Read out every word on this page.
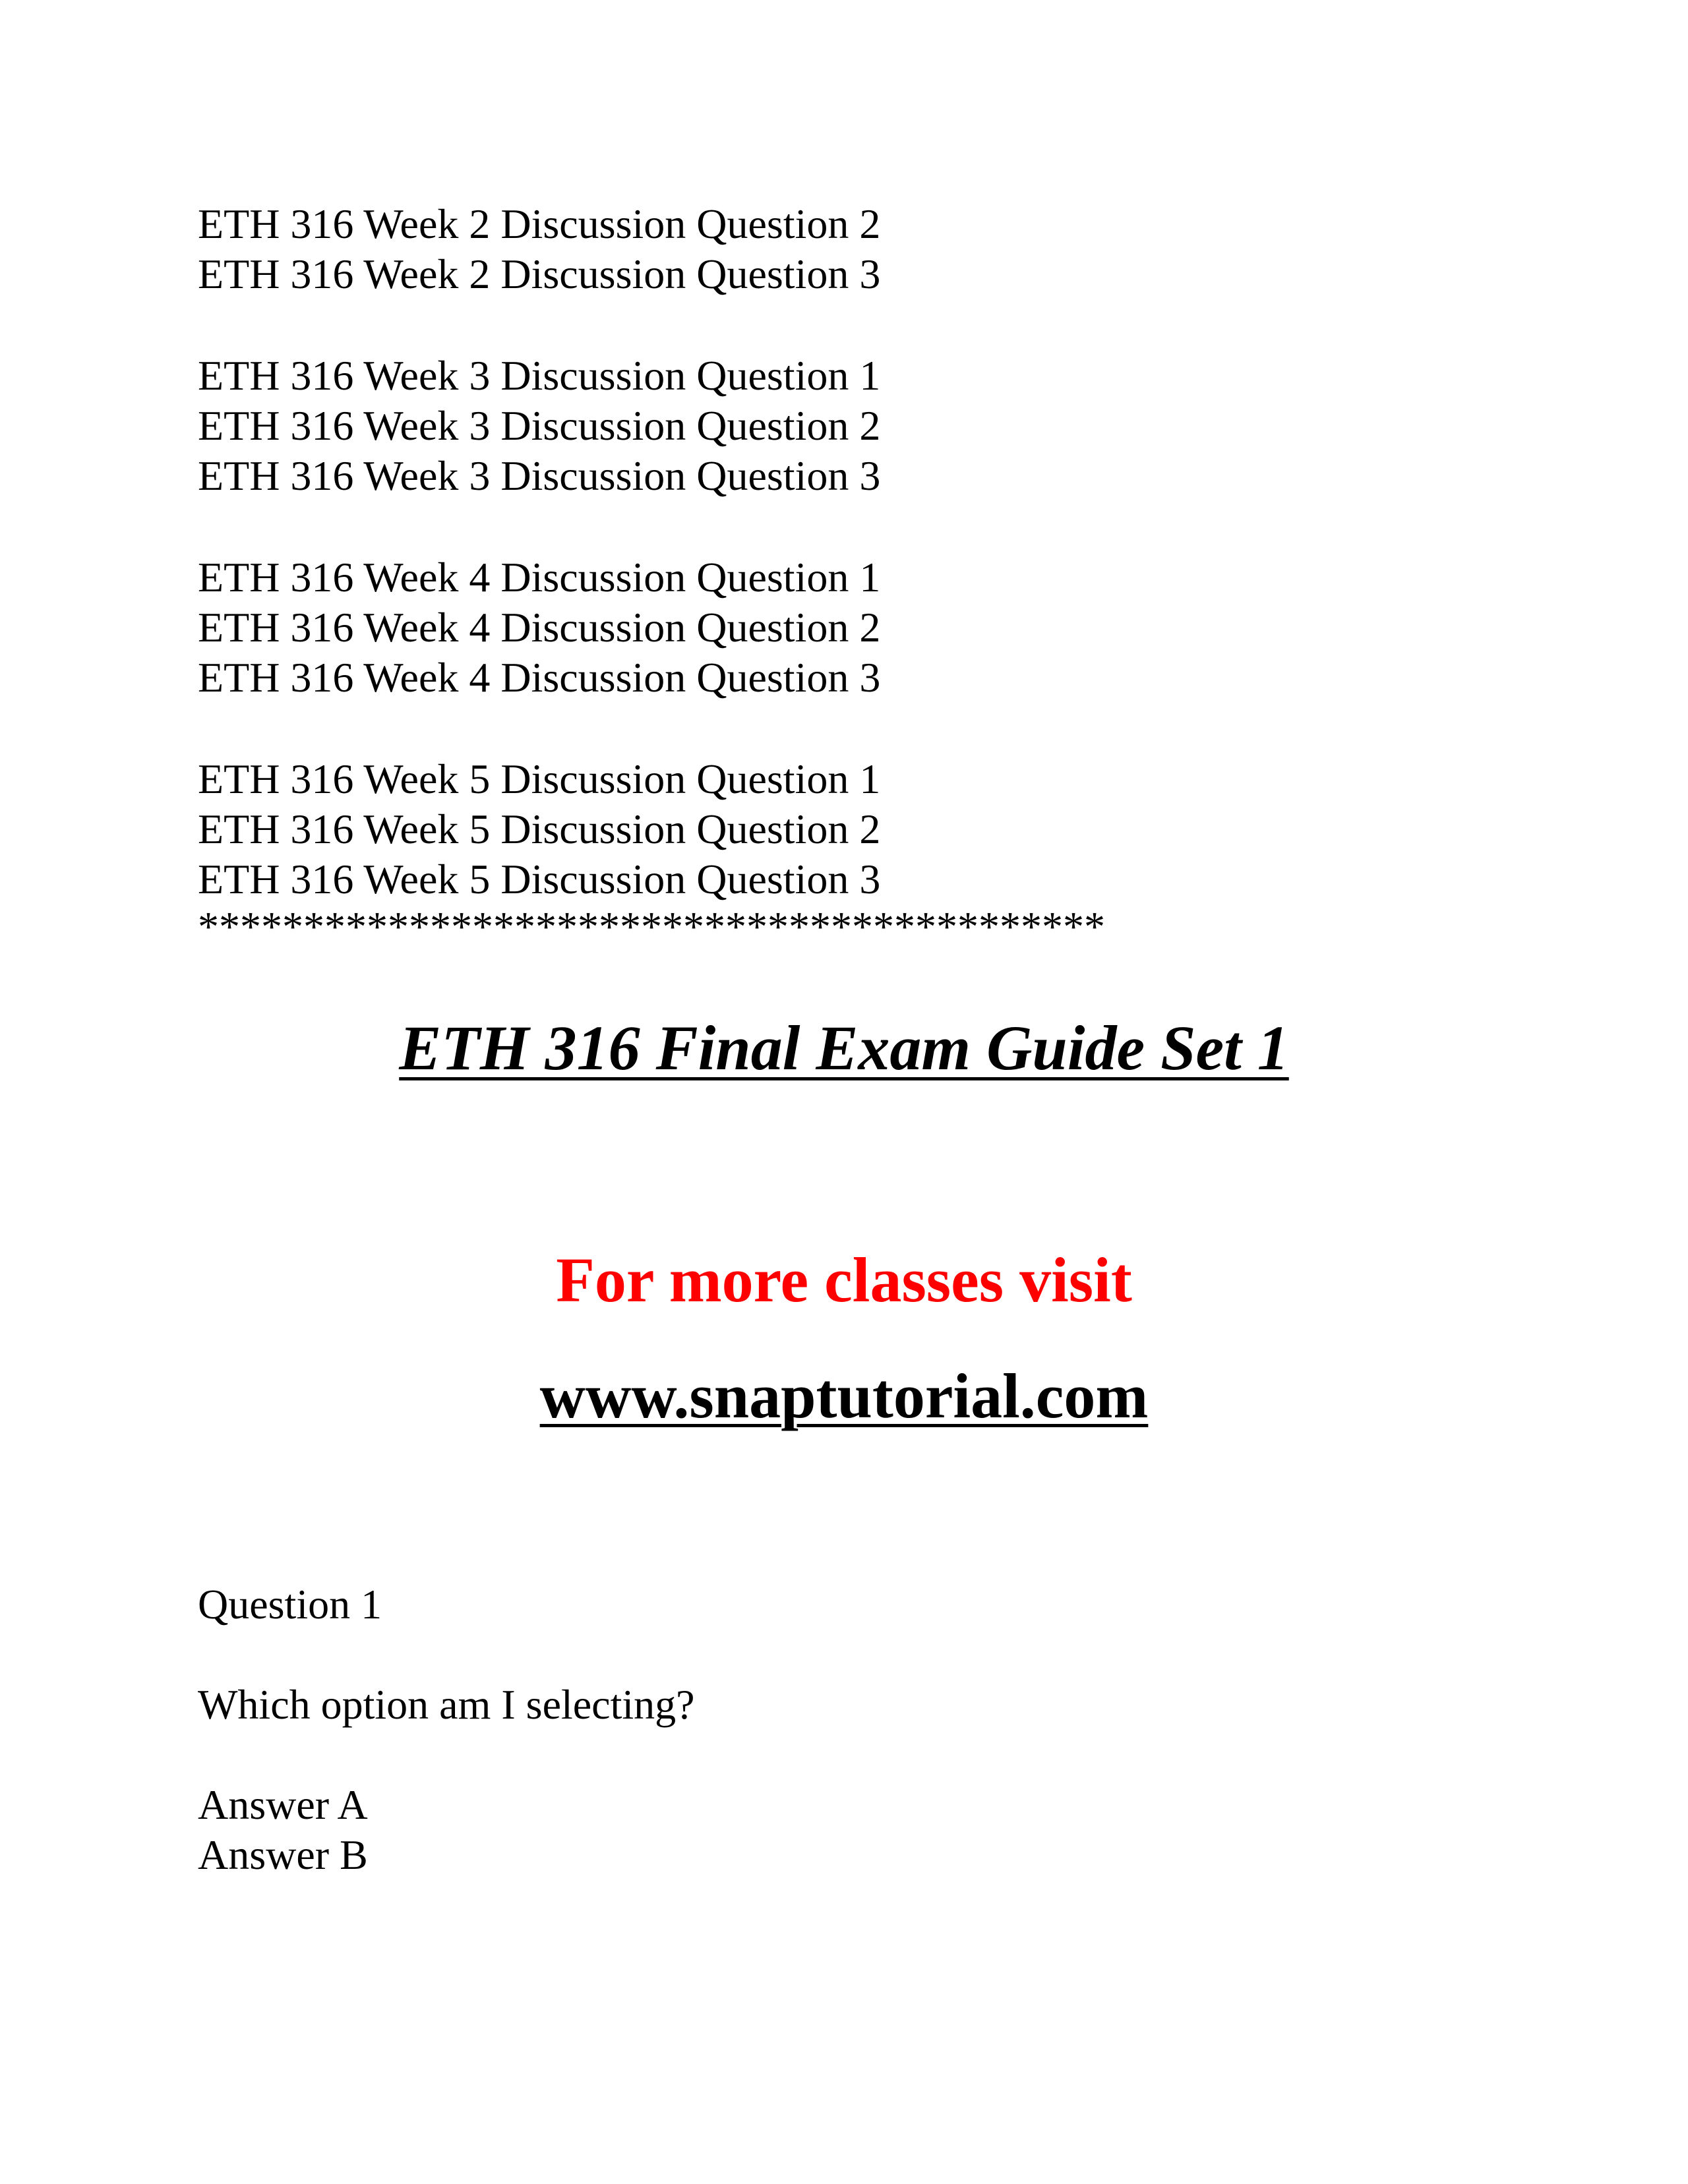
ETH 316 Week 2 Discussion Question 2
ETH 316 Week 2 Discussion Question 3
ETH 316 Week 3 Discussion Question 1
ETH 316 Week 3 Discussion Question 2
ETH 316 Week 3 Discussion Question 3
ETH 316 Week 4 Discussion Question 1
ETH 316 Week 4 Discussion Question 2
ETH 316 Week 4 Discussion Question 3
ETH 316 Week 5 Discussion Question 1
ETH 316 Week 5 Discussion Question 2
ETH 316 Week 5 Discussion Question 3
*******************************************
ETH 316 Final Exam Guide Set 1
For more classes visit
www.snaptutorial.com
Question 1
Which option am I selecting?
Answer A
Answer B
